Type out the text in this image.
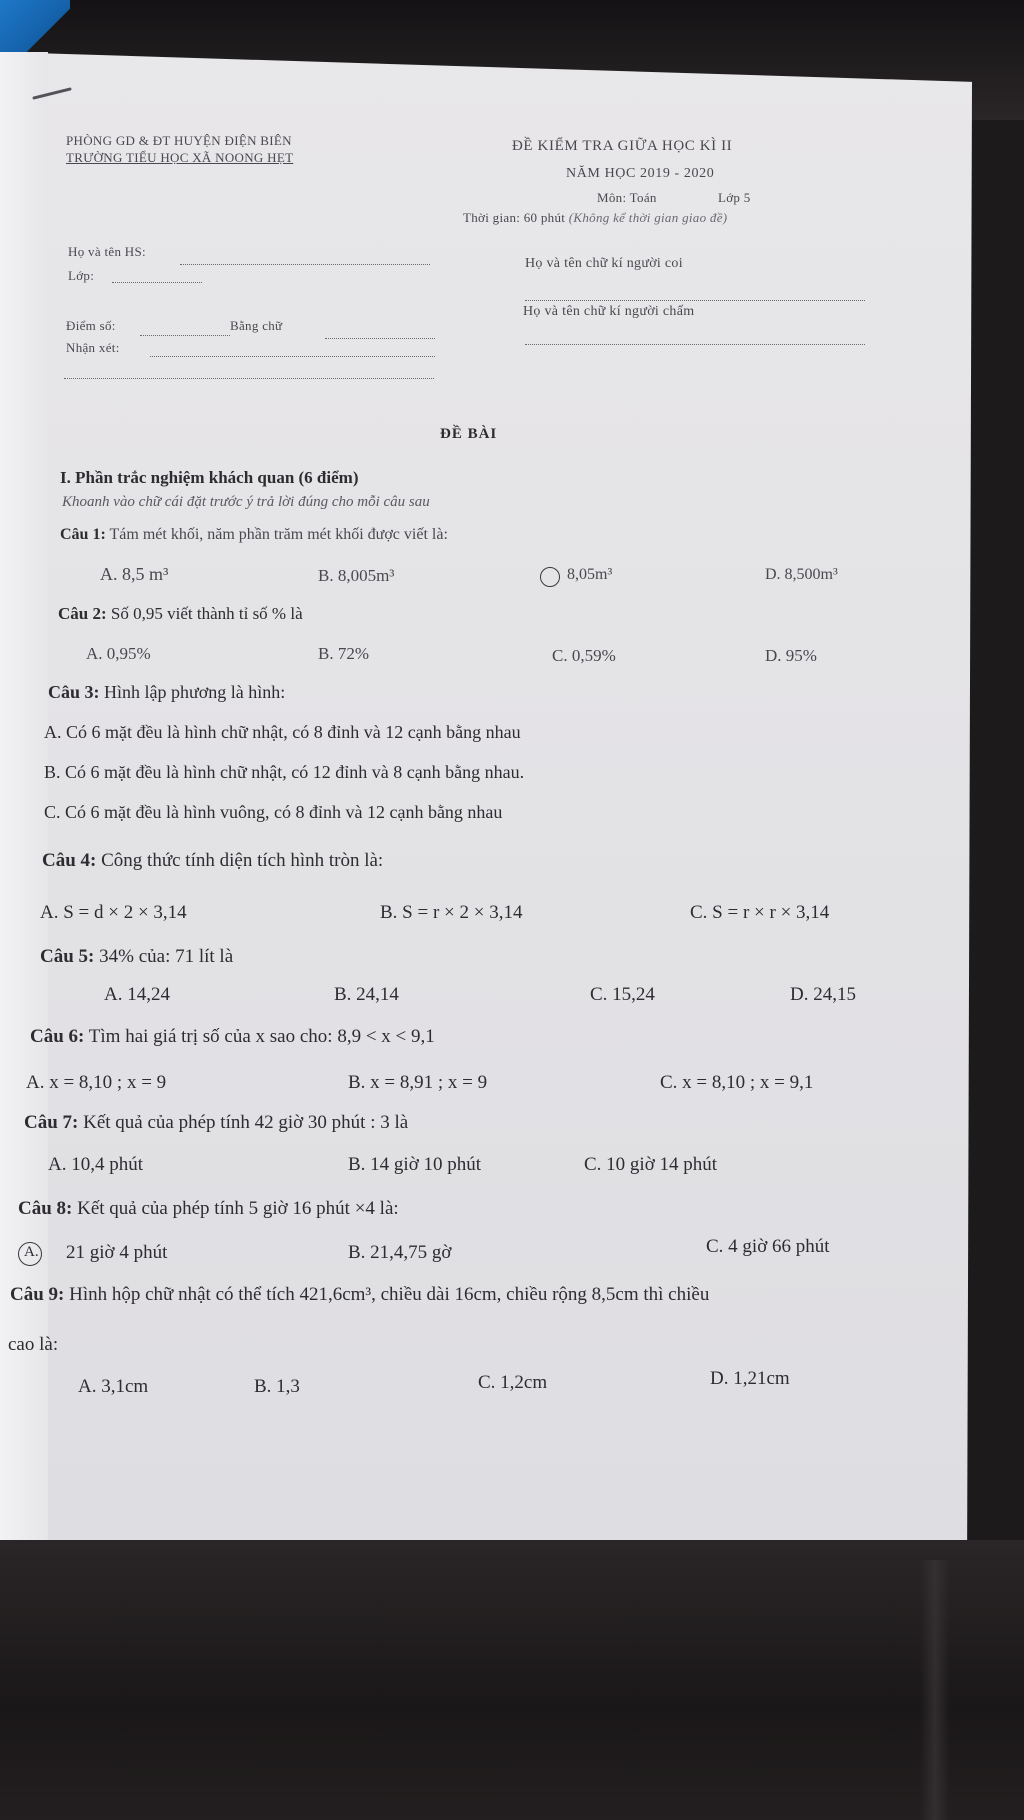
PHÒNG GD & ĐT HUYỆN ĐIỆN BIÊN
TRƯỜNG TIỂU HỌC XÃ NOONG HẸT
ĐỀ KIỂM TRA GIỮA HỌC KÌ II
NĂM HỌC 2019 - 2020
Môn: Toán	Lớp 5
Thời gian: 60 phút (Không kể thời gian giao đề)
Họ và tên HS:
Lớp:
Họ và tên chữ kí người coi
Điểm số:	Bằng chữ
Nhận xét:
Họ và tên chữ kí người chấm
ĐỀ BÀI
I. Phần trắc nghiệm khách quan (6 điểm)
Khoanh vào chữ cái đặt trước ý trả lời đúng cho mỗi câu sau
Câu 1: Tám mét khối, năm phần trăm mét khối được viết là:
A. 8,5 m³	B. 8,005m³	8,05m³	D. 8,500m³
Câu 2: Số 0,95 viết thành tỉ số % là
A. 0,95%	B. 72%	C. 0,59%	D. 95%
Câu 3: Hình lập phương là hình:
A. Có 6 mặt đều là hình chữ nhật, có 8 đỉnh và 12 cạnh bằng nhau
B. Có 6 mặt đều là hình chữ nhật, có 12 đỉnh và 8 cạnh bằng nhau.
C. Có 6 mặt đều là hình vuông, có 8 đỉnh và 12 cạnh bằng nhau
Câu 4: Công thức tính diện tích hình tròn là:
A. S = d × 2 × 3,14	B. S = r × 2 × 3,14	C. S = r × r × 3,14
Câu 5: 34% của: 71 lít là
A. 14,24	B. 24,14	C. 15,24	D. 24,15
Câu 6: Tìm hai giá trị số của x sao cho: 8,9 < x < 9,1
A. x = 8,10 ; x = 9	B. x = 8,91 ; x = 9	C. x = 8,10 ; x = 9,1
Câu 7: Kết quả của phép tính 42 giờ 30 phút : 3 là
A. 10,4 phút	B. 14 giờ 10 phút	C. 10 giờ 14 phút
Câu 8: Kết quả của phép tính 5 giờ 16 phút ×4 là:
A. 21 giờ 4 phút	B. 21,4,75 gờ	C. 4 giờ 66 phút
Câu 9: Hình hộp chữ nhật có thể tích 421,6cm³, chiều dài 16cm, chiều rộng 8,5cm thì chiều
cao là:
A. 3,1cm	B. 1,3	C. 1,2cm	D. 1,21cm
